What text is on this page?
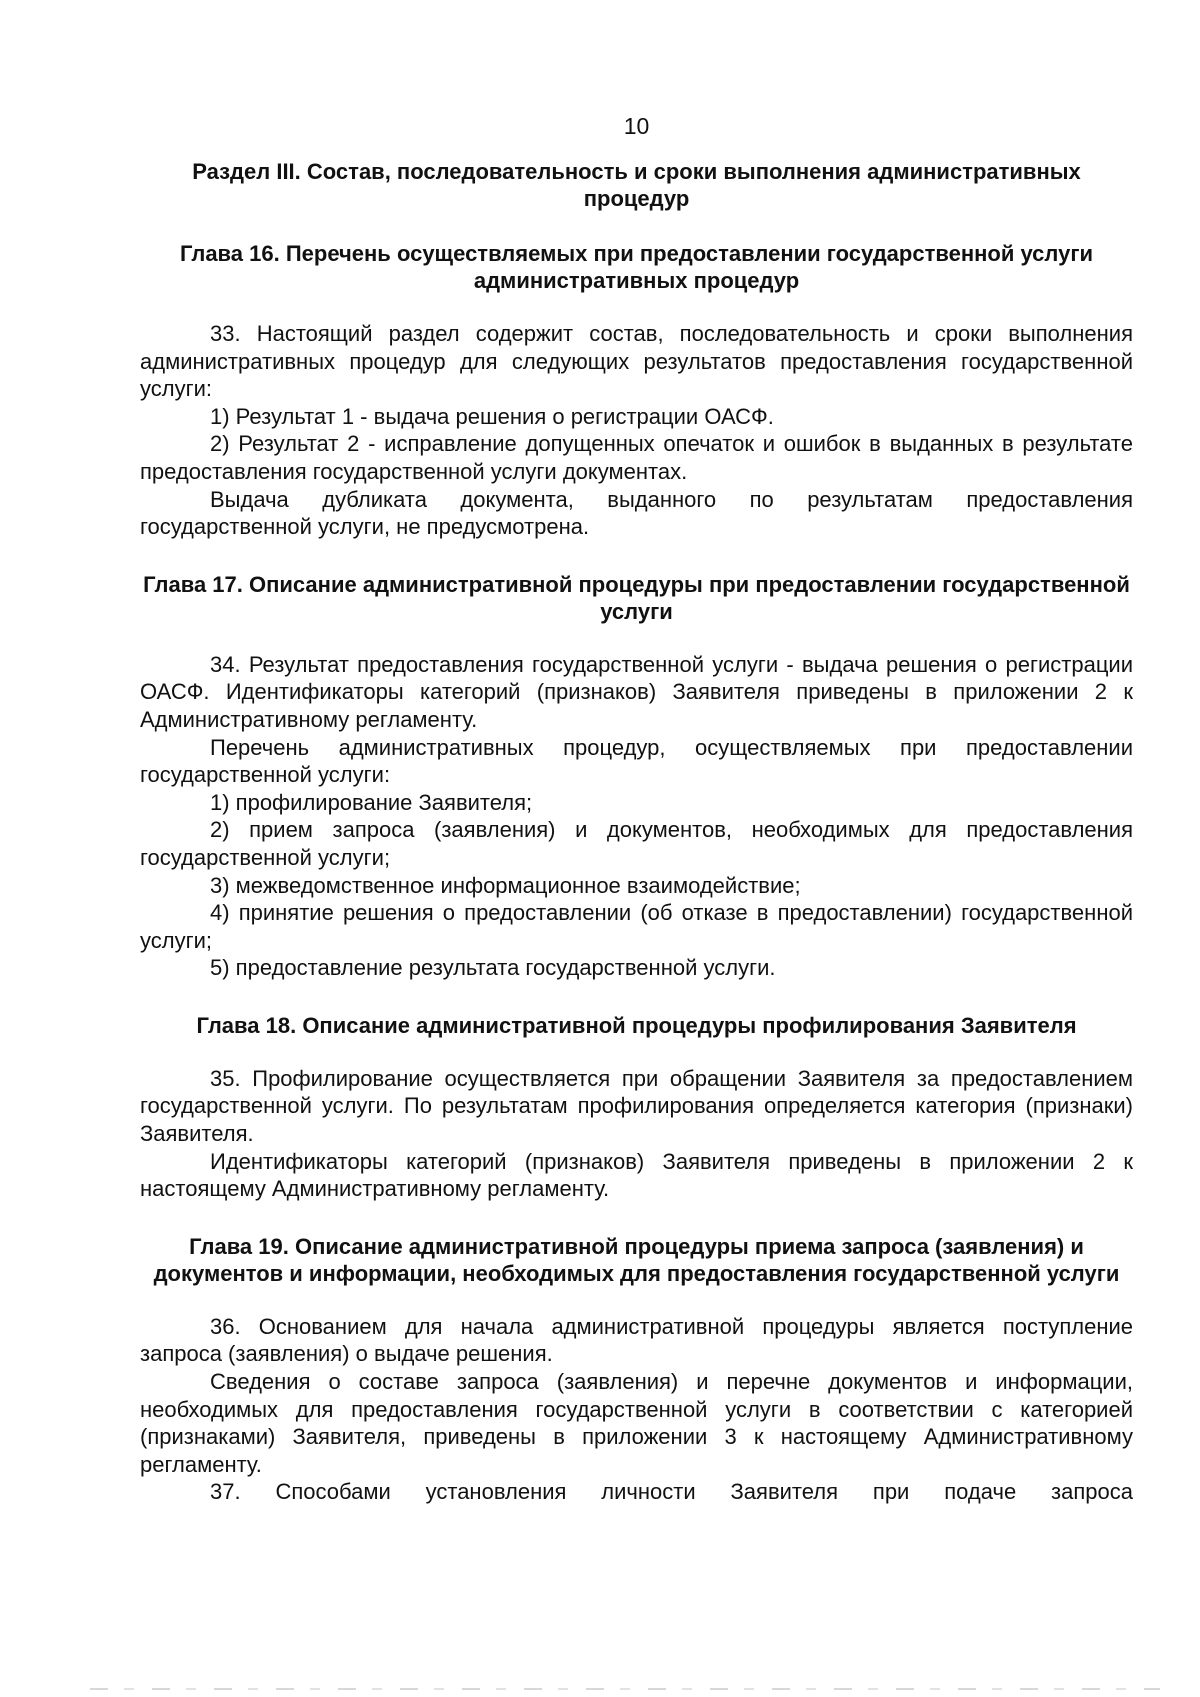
10
Раздел III. Состав, последовательность и сроки выполнения административных процедур
Глава 16. Перечень осуществляемых при предоставлении государственной услуги административных процедур

33. Настоящий раздел содержит состав, последовательность и сроки выполнения административных процедур для следующих результатов предоставления государственной услуги:

1) Результат 1 - выдача решения о регистрации ОАСФ.

2) Результат 2 - исправление допущенных опечаток и ошибок в выданных в результате предоставления государственной услуги документах.

Выдача дубликата документа, выданного по результатам предоставления государственной услуги, не предусмотрена.

Глава 17. Описание административной процедуры при предоставлении государственной услуги

34. Результат предоставления государственной услуги - выдача решения о регистрации ОАСФ. Идентификаторы категорий (признаков) Заявителя приведены в приложении 2 к Административному регламенту.

Перечень административных процедур, осуществляемых при предоставлении государственной услуги:

1) профилирование Заявителя;

2) прием запроса (заявления) и документов, необходимых для предоставления государственной услуги;

3) межведомственное информационное взаимодействие;

4) принятие решения о предоставлении (об отказе в предоставлении) государственной услуги;

5) предоставление результата государственной услуги.

Глава 18. Описание административной процедуры профилирования Заявителя

35. Профилирование осуществляется при обращении Заявителя за предоставлением государственной услуги. По результатам профилирования определяется категория (признаки) Заявителя.

Идентификаторы категорий (признаков) Заявителя приведены в приложении 2 к настоящему Административному регламенту.

Глава 19. Описание административной процедуры приема запроса (заявления) и документов и информации, необходимых для предоставления государственной услуги

36. Основанием для начала административной процедуры является поступление запроса (заявления) о выдаче решения.

Сведения о составе запроса (заявления) и перечне документов и информации, необходимых для предоставления государственной услуги в соответствии с категорией (признаками) Заявителя, приведены в приложении 3 к настоящему Административному регламенту.

37. Способами установления личности Заявителя при подаче запроса
